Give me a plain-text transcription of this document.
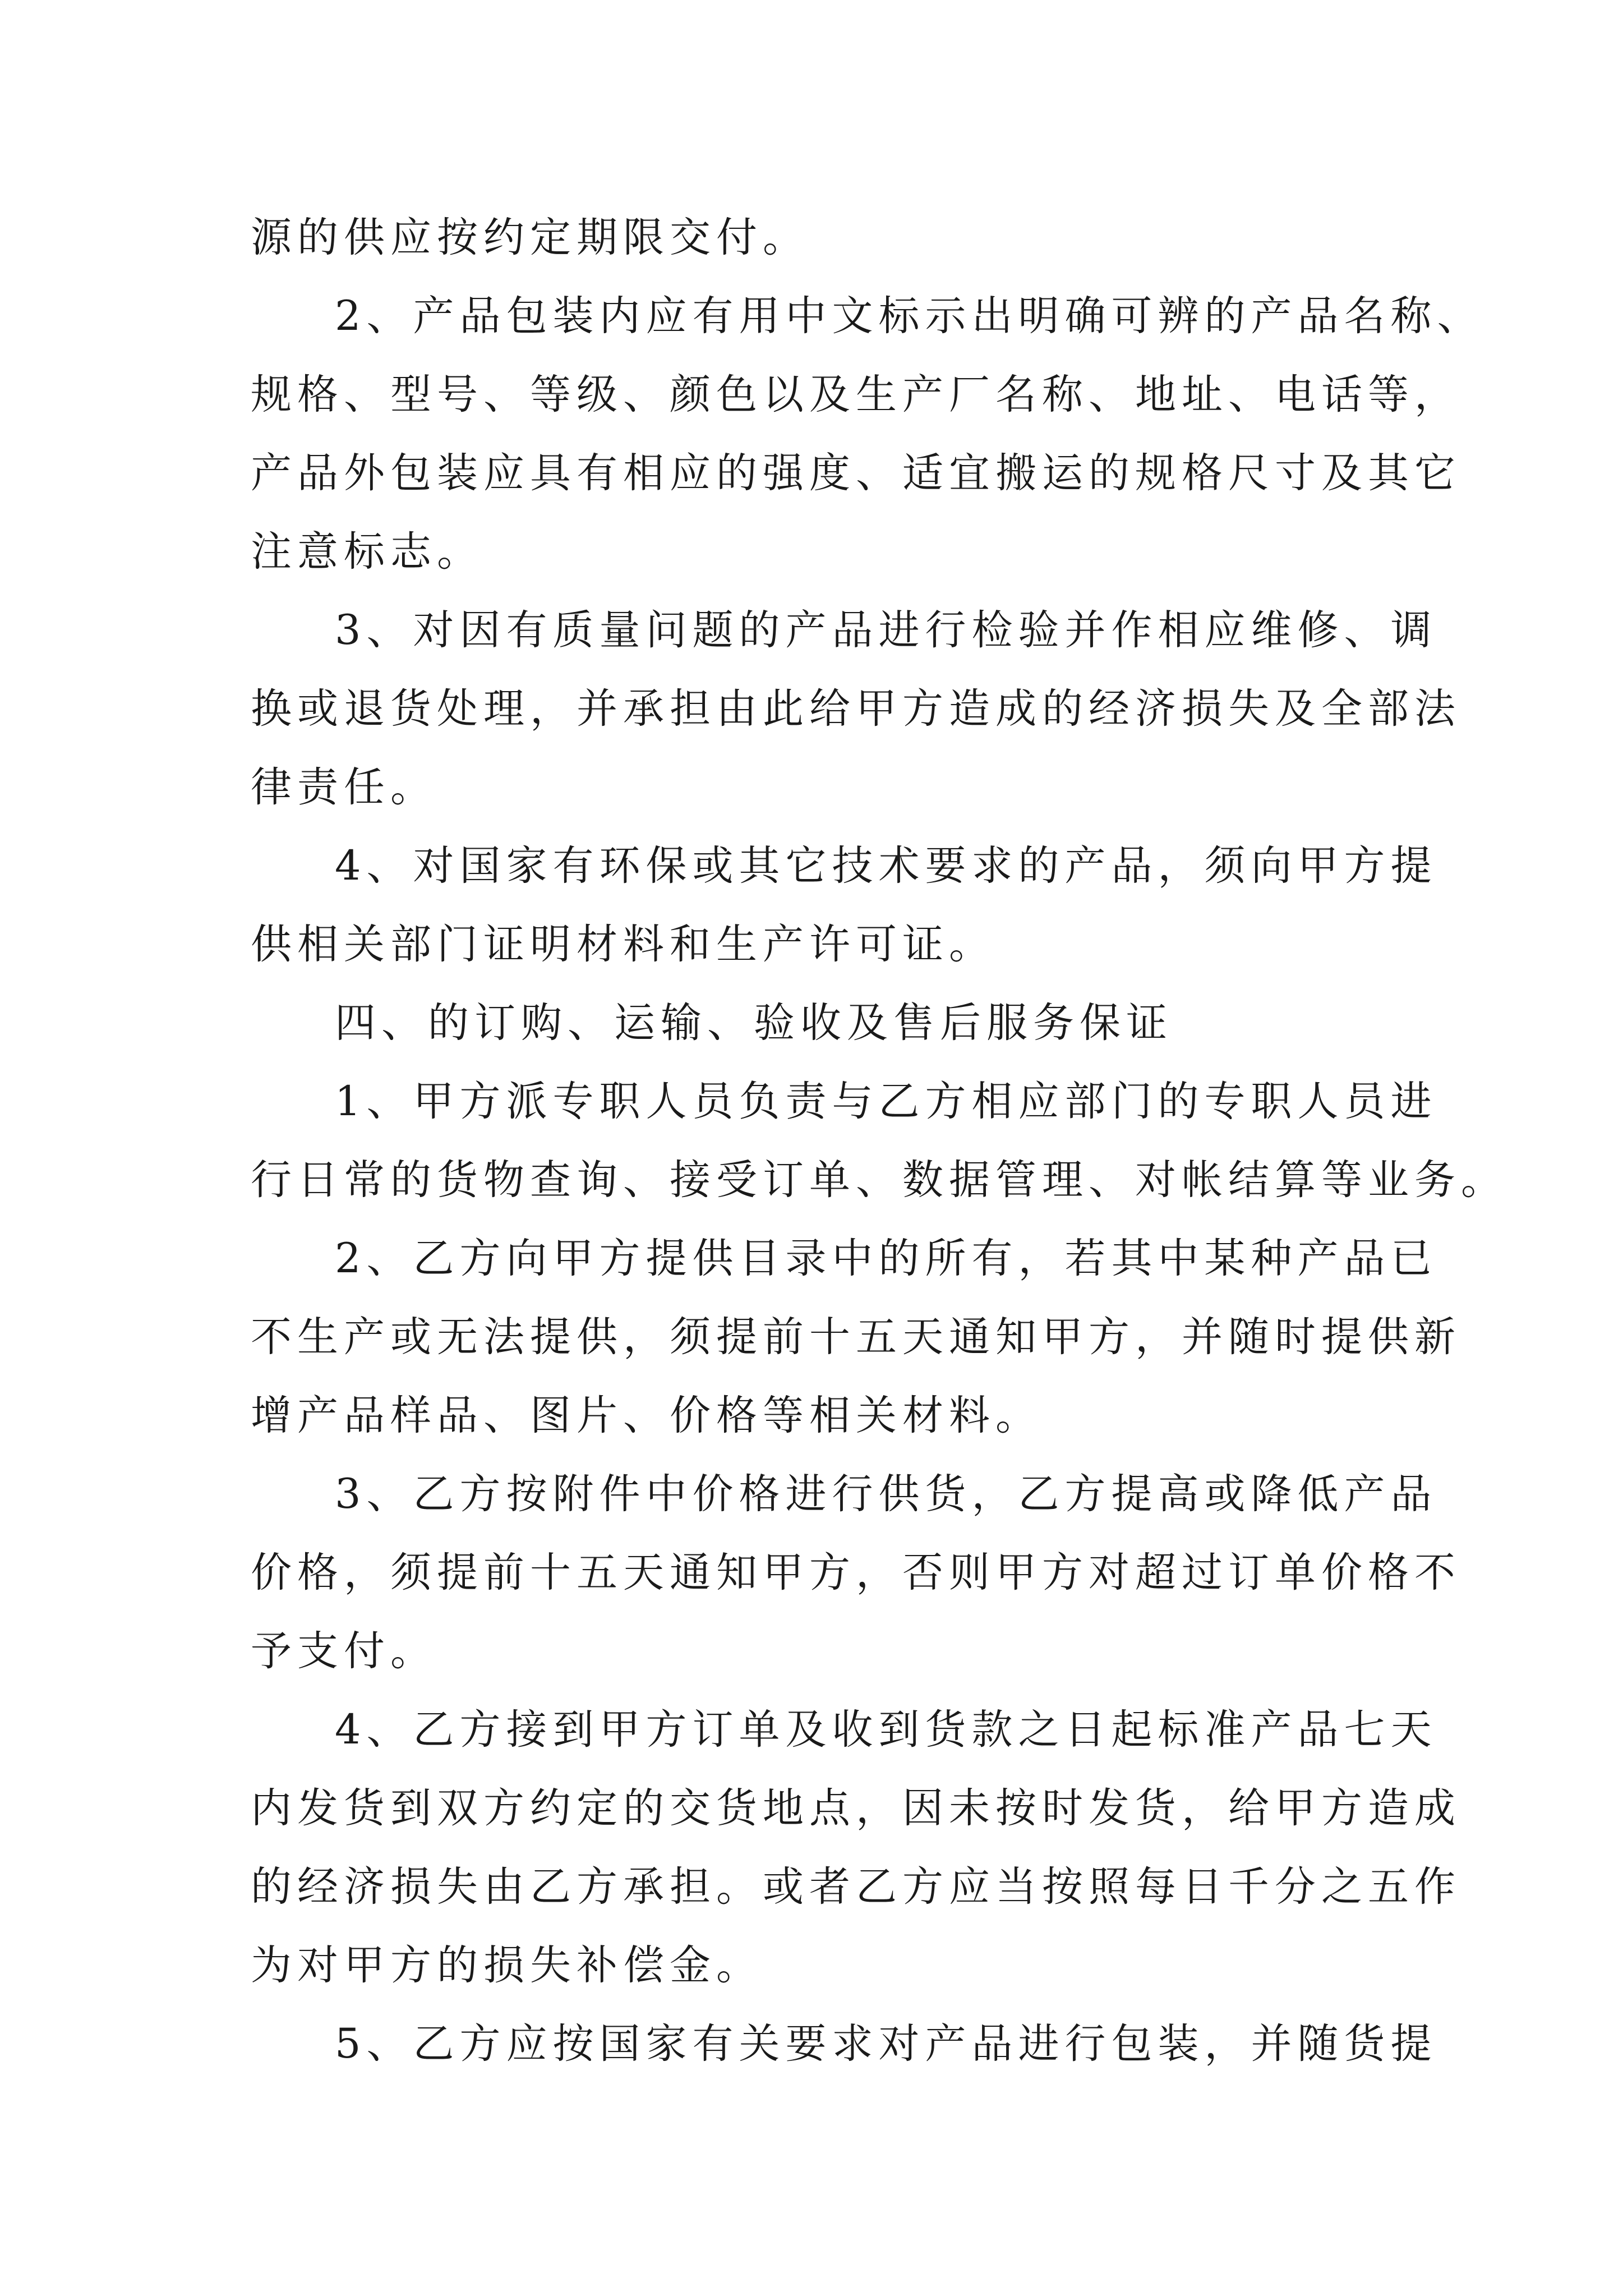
源的供应按约定期限交付。
2、产品包装内应有用中文标示出明确可辨的产品名称、
规格、型号、等级、颜色以及生产厂名称、地址、电话等，
产品外包装应具有相应的强度、适宜搬运的规格尺寸及其它
注意标志。
3、对因有质量问题的产品进行检验并作相应维修、调
换或退货处理，并承担由此给甲方造成的经济损失及全部法
律责任。
4、对国家有环保或其它技术要求的产品，须向甲方提
供相关部门证明材料和生产许可证。
四、的订购、运输、验收及售后服务保证
1、甲方派专职人员负责与乙方相应部门的专职人员进
行日常的货物查询、接受订单、数据管理、对帐结算等业务。
2、乙方向甲方提供目录中的所有，若其中某种产品已
不生产或无法提供，须提前十五天通知甲方，并随时提供新
增产品样品、图片、价格等相关材料。
3、乙方按附件中价格进行供货，乙方提高或降低产品
价格，须提前十五天通知甲方，否则甲方对超过订单价格不
予支付。
4、乙方接到甲方订单及收到货款之日起标准产品七天
内发货到双方约定的交货地点，因未按时发货，给甲方造成
的经济损失由乙方承担。或者乙方应当按照每日千分之五作
为对甲方的损失补偿金。
5、乙方应按国家有关要求对产品进行包装，并随货提
